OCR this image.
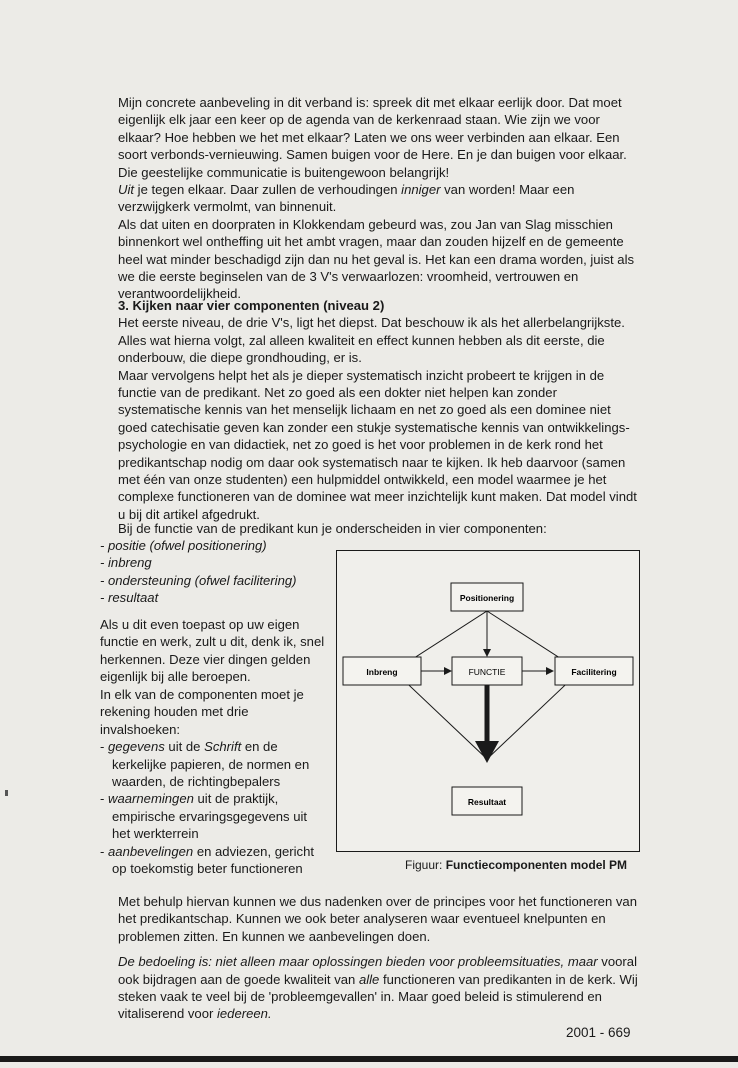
Mijn concrete aanbeveling in dit verband is: spreek dit met elkaar eerlijk door. Dat moet eigenlijk elk jaar een keer op de agenda van de kerkenraad staan. Wie zijn we voor elkaar? Hoe hebben we het met elkaar? Laten we ons weer verbinden aan elkaar. Een soort verbonds-vernieuwing. Samen buigen voor de Here. En je dan buigen voor elkaar. Die geestelijke communicatie is buitengewoon belangrijk!

Uit je tegen elkaar. Daar zullen de verhoudingen inniger van worden! Maar een verzwijgkerk vermolmt, van binnenuit.

Als dat uiten en doorpraten in Klokkendam gebeurd was, zou Jan van Slag misschien binnenkort wel ontheffing uit het ambt vragen, maar dan zouden hijzelf en de gemeente heel wat minder beschadigd zijn dan nu het geval is. Het kan een drama worden, juist als we die eerste beginselen van de 3 V's verwaarlozen: vroomheid, vertrouwen en verantwoordelijkheid.

3. Kijken naar vier componenten (niveau 2)

Het eerste niveau, de drie V's, ligt het diepst. Dat beschouw ik als het allerbelangrijkste. Alles wat hierna volgt, zal alleen kwaliteit en effect kunnen hebben als dit eerste, die onderbouw, die diepe grondhouding, er is.

Maar vervolgens helpt het als je dieper systematisch inzicht probeert te krijgen in de functie van de predikant. Net zo goed als een dokter niet helpen kan zonder systematische kennis van het menselijk lichaam en net zo goed als een dominee niet goed catechisatie geven kan zonder een stukje systematische kennis van ontwikkelings-psychologie en van didactiek, net zo goed is het voor problemen in de kerk rond het predikantschap nodig om daar ook systematisch naar te kijken. Ik heb daarvoor (samen met één van onze studenten) een hulpmiddel ontwikkeld, een model waarmee je het complexe functioneren van de dominee wat meer inzichtelijk kunt maken. Dat model vindt u bij dit artikel afgedrukt.

Bij de functie van de predikant kun je onderscheiden in vier componenten:

- positie (ofwel positionering)

- inbreng

- ondersteuning (ofwel facilitering)

- resultaat

Als u dit even toepast op uw eigen functie en werk, zult u dit, denk ik, snel herkennen. Deze vier dingen gelden eigenlijk bij alle beroepen.

In elk van de componenten moet je rekening houden met drie invalshoeken:

- gegevens uit de Schrift en de kerkelijke papieren, de normen en waarden, de richtingbepalers

- waarnemingen uit de praktijk, empirische ervaringsgegevens uit het werkterrein

- aanbevelingen en adviezen, gericht op toekomstig beter functioneren

Positionering
Inbreng	FUNCTIE	Facilitering
Resultaat
Figuur: Functiecomponenten model PM

Met behulp hiervan kunnen we dus nadenken over de principes voor het functioneren van het predikantschap. Kunnen we ook beter analyseren waar eventueel knelpunten en problemen zitten. En kunnen we aanbevelingen doen.

De bedoeling is: niet alleen maar oplossingen bieden voor probleemsituaties, maar vooral ook bijdragen aan de goede kwaliteit van alle functioneren van predikanten in de kerk. Wij steken vaak te veel bij de 'probleemgevallen' in. Maar goed beleid is stimulerend en vitaliserend voor iedereen.

2001 - 669
